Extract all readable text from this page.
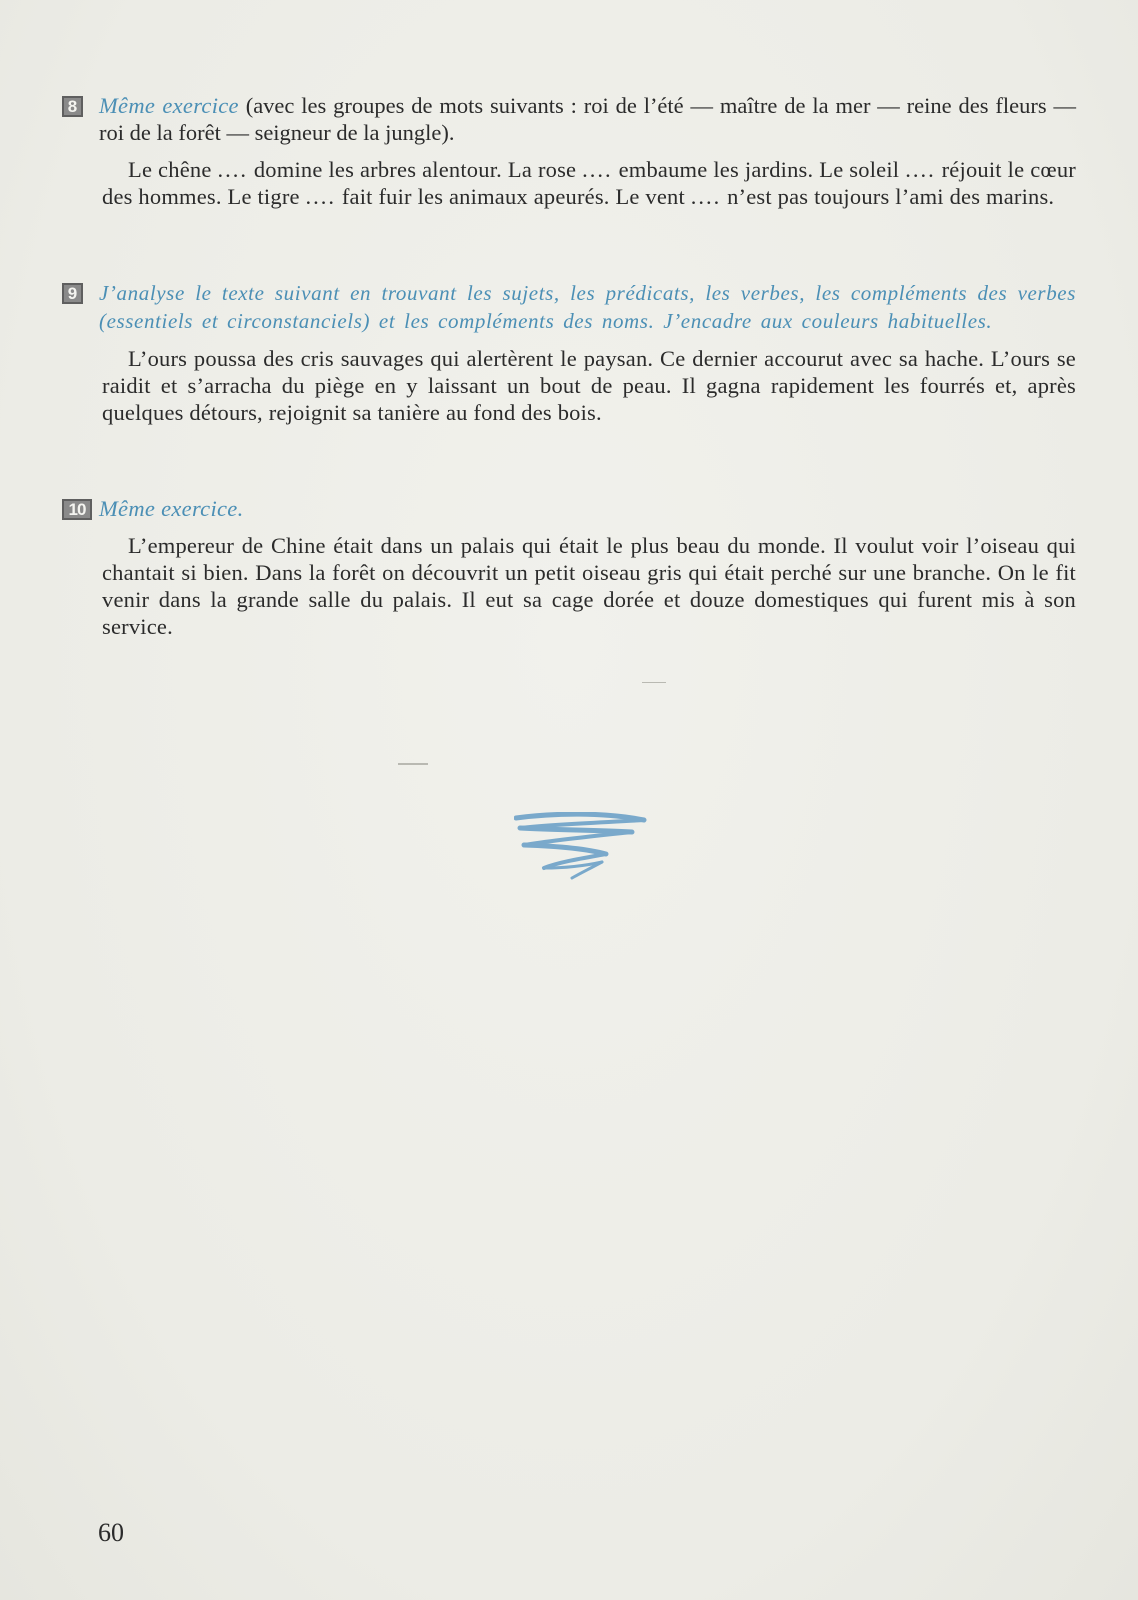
8 Même exercice (avec les groupes de mots suivants : roi de l’été — maître de la mer — reine des fleurs — roi de la forêt — seigneur de la jungle).
Le chêne .... domine les arbres alentour. La rose .... embaume les jardins. Le soleil .... réjouit le cœur des hommes. Le tigre .... fait fuir les animaux apeurés. Le vent .... n’est pas toujours l’ami des marins.
9 J’analyse le texte suivant en trouvant les sujets, les prédicats, les verbes, les compléments des verbes (essentiels et circonstanciels) et les compléments des noms. J’encadre aux couleurs habituelles.
L’ours poussa des cris sauvages qui alertèrent le paysan. Ce dernier accourut avec sa hache. L’ours se raidit et s’arracha du piège en y laissant un bout de peau. Il gagna rapidement les fourrés et, après quelques détours, rejoignit sa tanière au fond des bois.
10 Même exercice.
L’empereur de Chine était dans un palais qui était le plus beau du monde. Il voulut voir l’oiseau qui chantait si bien. Dans la forêt on découvrit un petit oiseau gris qui était perché sur une branche. On le fit venir dans la grande salle du palais. Il eut sa cage dorée et douze domestiques qui furent mis à son service.
60
